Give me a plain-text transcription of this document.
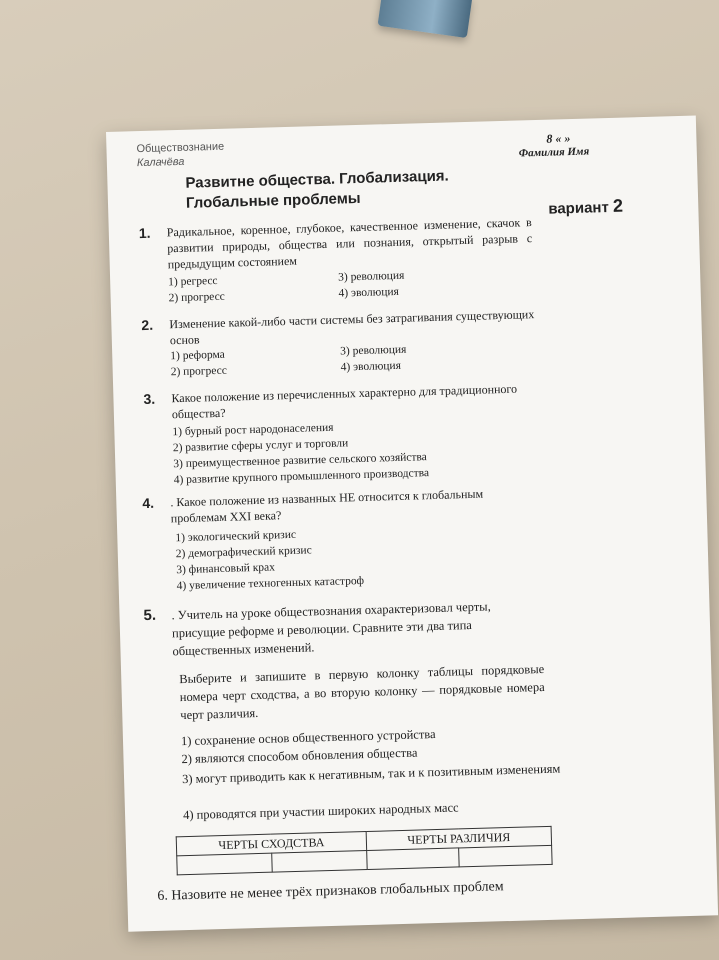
Обществознание
Калачёва
8 « »
Фамилия Имя
Развитне общества. Глобализация. Глобальные проблемы	вариант 2
1. Радикальное, коренное, глубокое, качественное изменение, скачок в развитии природы, общества или познания, открытый разрыв с предыдущим состоянием
1) регресс
2) прогресс
3) революция
4) эволюция
2. Изменение какой-либо части системы без затрагивания существующих основ
1) реформа
2) прогресс
3) революция
4) эволюция
3. Какое положение из перечисленных характерно для традиционного общества?
1) бурный рост народонаселения
2) развитие сферы услуг и торговли
3) преимущественное развитие сельского хозяйства
4) развитие крупного промышленного производства
4. . Какое положение из названных НЕ относится к глобальным проблемам XXI века?
1) экологический кризис
2) демографический кризис
3) финансовый крах
4) увеличение техногенных катастроф
5. . Учитель на уроке обществознания охарактеризовал черты, присущие реформе и революции. Сравните эти два типа общественных изменений.
Выберите и запишите в первую колонку таблицы порядковые номера черт сходства, а во вторую колонку — порядковые номера черт различия.
1) сохранение основ общественного устройства
2) являются способом обновления общества
3) могут приводить как к негативным, так и к позитивным изменениям
4) проводятся при участии широких народных масс
ЧЕРТЫ СХОДСТВА		ЧЕРТЫ РАЗЛИЧИЯ	

6. Назовите не менее трёх признаков глобальных проблем
